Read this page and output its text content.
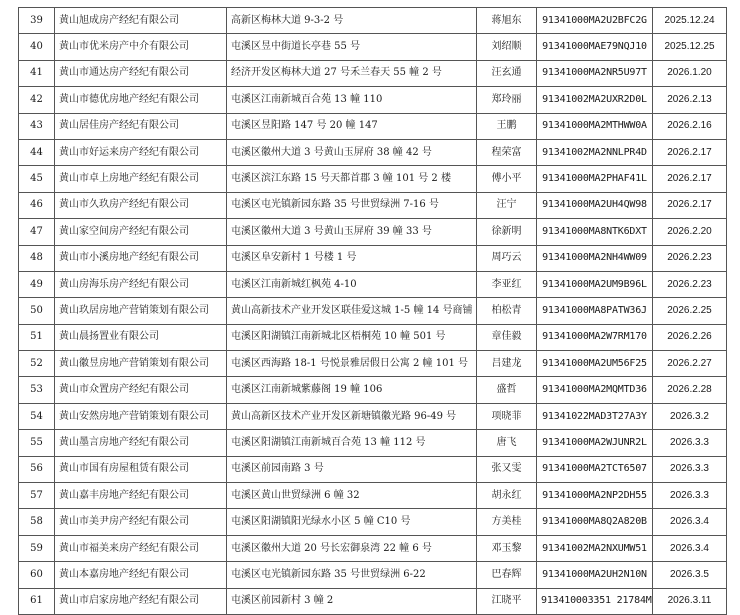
39	黄山旭成房产经纪有限公司	高新区梅林大道 9-3-2 号	蒋旭东	91341000MA2U2BFC2G	2025.12.24
40	黄山市优米房产中介有限公司	屯溪区昱中街道长亭巷 55 号	刘绍顺	91341000MAE79NQJ10	2025.12.25
41	黄山市通达房产经纪有限公司	经济开发区梅林大道 27 号禾兰春天 55 幢 2 号	汪玄通	91341000MA2NR5U97T	2026.1.20
42	黄山市德优房地产经纪有限公司	屯溪区江南新城百合苑 13 幢 110	郑玲丽	91341002MA2UXR2D0L	2026.2.13
43	黄山居佳房产经纪有限公司	屯溪区昱阳路 147 号 20 幢 147	王鹏	91341000MA2MTHWW0A	2026.2.16
44	黄山市好运来房产经纪有限公司	屯溪区徽州大道 3 号黄山玉屏府 38 幢 42 号	程荣富	91341002MA2NNLPR4D	2026.2.17
45	黄山市卓上房地产经纪有限公司	屯溪区滨江东路 15 号天都首郡 3 幢 101 号 2 楼	傅小平	91341000MA2PHAF41L	2026.2.17
46	黄山市久玖房产经纪有限公司	屯溪区屯光镇新园东路 35 号世贸绿洲 7-16 号	汪宁	91341000MA2UH4QW98	2026.2.17
47	黄山家空间房产经纪有限公司	屯溪区徽州大道 3 号黄山玉屏府 39 幢 33 号	徐新明	91341000MA8NTK6DXT	2026.2.20
48	黄山市小溪房地产经纪有限公司	屯溪区阜安新村 1 号楼 1 号	周巧云	91341000MA2NH4WW09	2026.2.23
49	黄山房海乐房产经纪有限公司	屯溪区江南新城红枫苑 4-10	李亚红	91341000MA2UM9B96L	2026.2.23
50	黄山玖居房地产营销策划有限公司	黄山高新技术产业开发区联佳爱这城 1-5 幢 14 号商铺	柏松青	91341000MA8PATW36J	2026.2.25
51	黄山晨扬置业有限公司	屯溪区阳湖镇江南新城北区梧桐苑 10 幢 501 号	章佳毅	91341000MA2W7RM170	2026.2.26
52	黄山徽昱房地产营销策划有限公司	屯溪区西海路 18-1 号悦景雅居假日公寓 2 幢 101 号	吕建龙	91341000MA2UM56F25	2026.2.27
53	黄山市众置房产经纪有限公司	屯溪区江南新城紫藤阁 19 幢 106	盛哲	91341000MA2MQMTD36	2026.2.28
54	黄山安然房地产营销策划有限公司	黄山高新区技术产业开发区新塘镇徽光路 96-49 号	项晓菲	91341022MAD3T27A3Y	2026.3.2
55	黄山墨言房地产经纪有限公司	屯溪区阳湖镇江南新城百合苑 13 幢 112 号	唐飞	91341000MA2WJUNR2L	2026.3.3
56	黄山市国有房屋租赁有限公司	屯溪区前园南路 3 号	张又雯	91341000MA2TCT6507	2026.3.3
57	黄山嘉丰房地产经纪有限公司	屯溪区黄山世贸绿洲 6 幢 32	胡永红	91341000MA2NP2DH55	2026.3.3
58	黄山市美尹房产经纪有限公司	屯溪区阳湖镇阳光绿水小区 5 幢 C10 号	方美桂	91341000MA8Q2A820B	2026.3.4
59	黄山市福美来房产经纪有限公司	屯溪区徽州大道 20 号长宏御泉湾 22 幢 6 号	邓玉黎	91341002MA2NXUMW51	2026.3.4
60	黄山本嘉房地产经纪有限公司	屯溪区屯光镇新园东路 35 号世贸绿洲 6-22	巴春辉	91341000MA2UH2N10N	2026.3.5
61	黄山市启家房地产经纪有限公司	屯溪区前园新村 3 幢 2	江晓平	913410003351 21784M	2026.3.11
